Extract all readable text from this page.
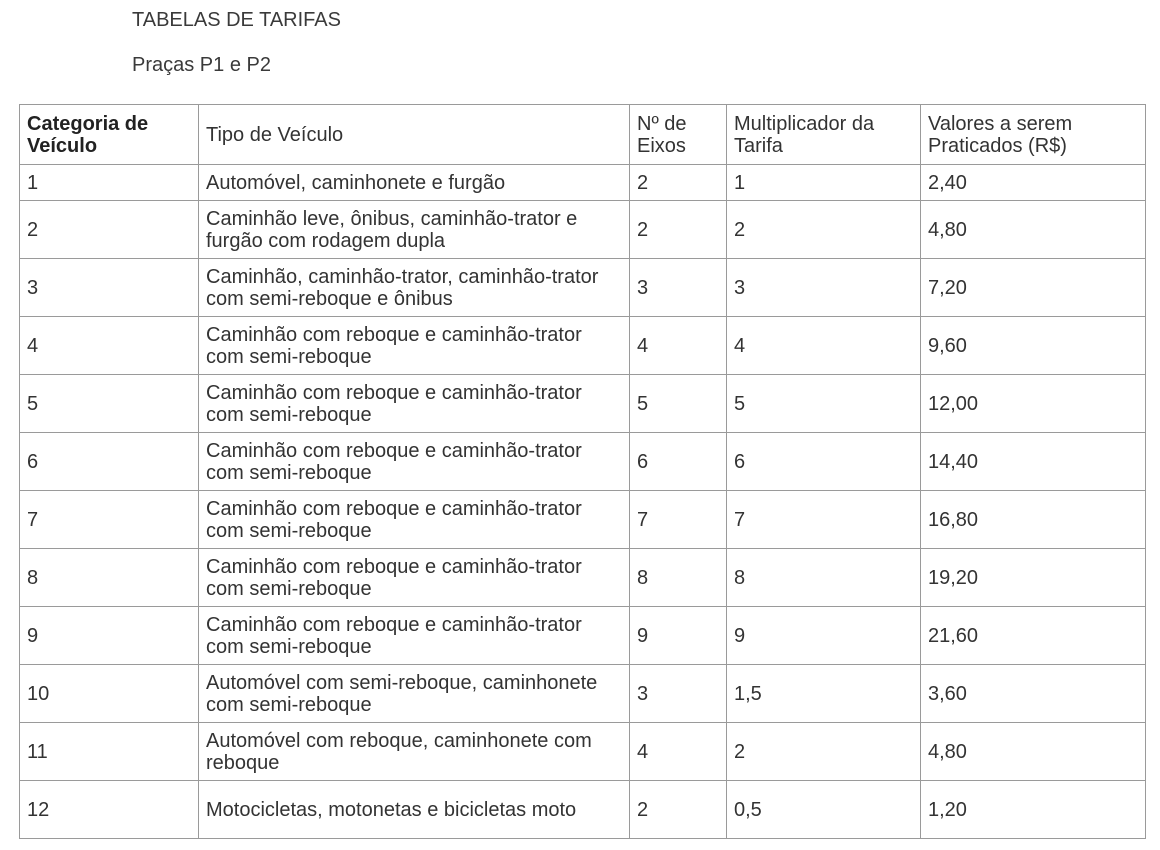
TABELAS DE TARIFAS
Praças P1 e P2
Categoria de Veículo	Tipo de Veículo	Nº de Eixos	Multiplicador da Tarifa	Valores a serem Praticados (R$)
1	Automóvel, caminhonete e furgão	2	1	2,40
2	Caminhão leve, ônibus, caminhão-trator e furgão com rodagem dupla	2	2	4,80
3	Caminhão, caminhão-trator, caminhão-trator com semi-reboque e ônibus	3	3	7,20
4	Caminhão com reboque e caminhão-trator com semi-reboque	4	4	9,60
5	Caminhão com reboque e caminhão-trator com semi-reboque	5	5	12,00
6	Caminhão com reboque e caminhão-trator com semi-reboque	6	6	14,40
7	Caminhão com reboque e caminhão-trator com semi-reboque	7	7	16,80
8	Caminhão com reboque e caminhão-trator com semi-reboque	8	8	19,20
9	Caminhão com reboque e caminhão-trator com semi-reboque	9	9	21,60
10	Automóvel com semi-reboque, caminhonete com semi-reboque	3	1,5	3,60
11	Automóvel com reboque, caminhonete com reboque	4	2	4,80
12	Motocicletas, motonetas e bicicletas moto	2	0,5	1,20
